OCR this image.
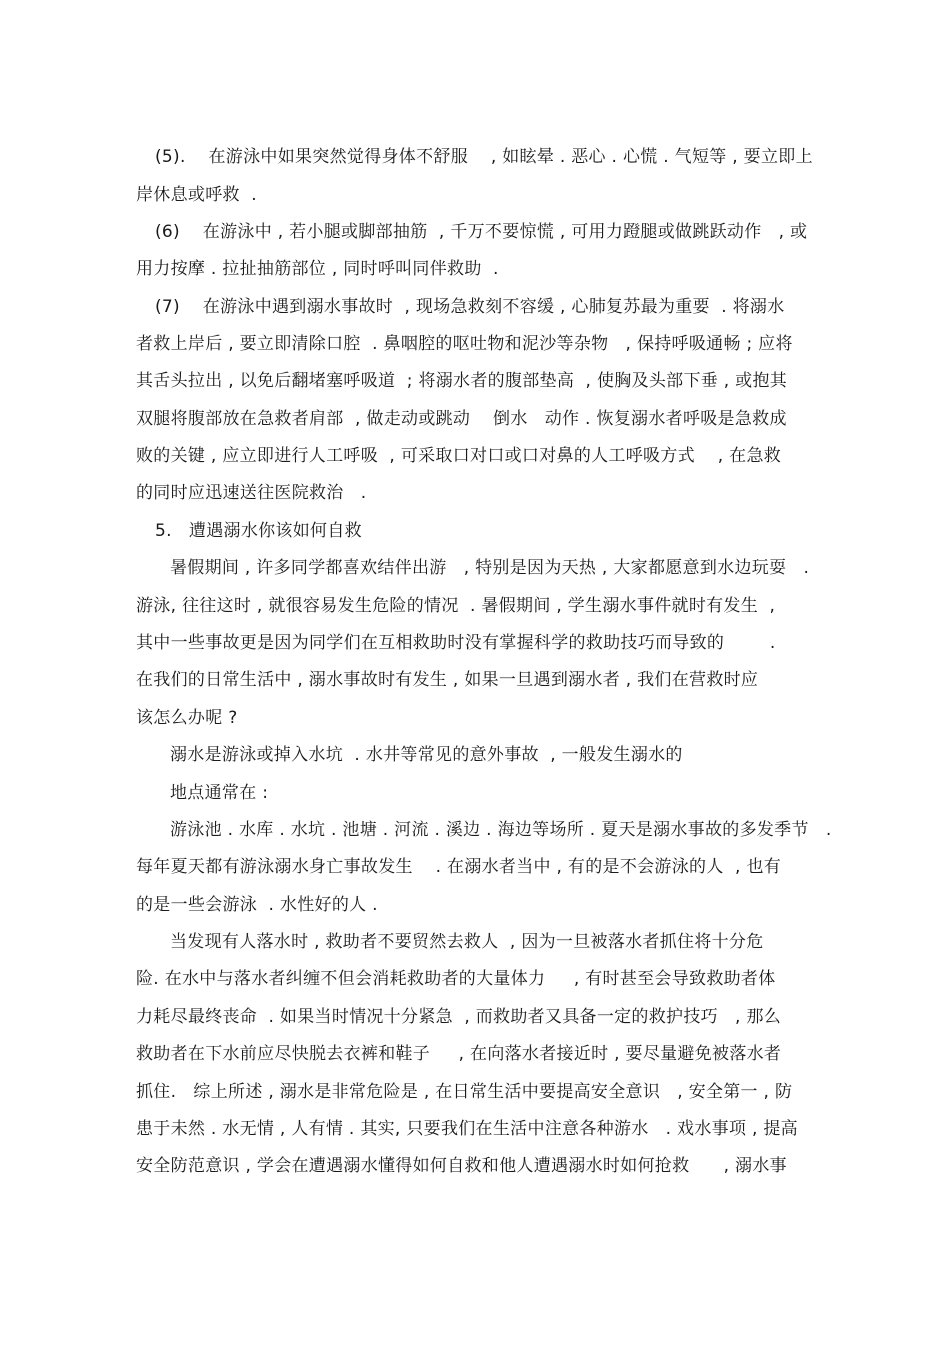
(5).    在游泳中如果突然觉得身体不舒服    , 如眩晕 . 恶心 . 心慌 . 气短等 , 要立即上
岸休息或呼救  .
(6)    在游泳中 , 若小腿或脚部抽筋  , 千万不要惊慌 , 可用力蹬腿或做跳跃动作   , 或
用力按摩 . 拉扯抽筋部位 , 同时呼叫同伴救助  .
(7)    在游泳中遇到溺水事故时  , 现场急救刻不容缓 , 心肺复苏最为重要  . 将溺水
者救上岸后 , 要立即清除口腔  . 鼻咽腔的呕吐物和泥沙等杂物   , 保持呼吸通畅 ; 应将
其舌头拉出 , 以免后翻堵塞呼吸道  ; 将溺水者的腹部垫高  , 使胸及头部下垂 , 或抱其
双腿将腹部放在急救者肩部  , 做走动或跳动    倒水   动作 . 恢复溺水者呼吸是急救成
败的关键 , 应立即进行人工呼吸  , 可采取口对口或口对鼻的人工呼吸方式    , 在急救
的同时应迅速送往医院救治   .
5.   遭遇溺水你该如何自救
暑假期间 , 许多同学都喜欢结伴出游   , 特别是因为天热 , 大家都愿意到水边玩耍   .
游泳, 往往这时 , 就很容易发生危险的情况  . 暑假期间 , 学生溺水事件就时有发生  ,
其中一些事故更是因为同学们在互相救助时没有掌握科学的救助技巧而导致的        .
在我们的日常生活中 , 溺水事故时有发生 , 如果一旦遇到溺水者 , 我们在营救时应
该怎么办呢 ?
溺水是游泳或掉入水坑  . 水井等常见的意外事故  , 一般发生溺水的
地点通常在 :
游泳池 . 水库 . 水坑 . 池塘 . 河流 . 溪边 . 海边等场所 . 夏天是溺水事故的多发季节   .
每年夏天都有游泳溺水身亡事故发生    . 在溺水者当中 , 有的是不会游泳的人  , 也有
的是一些会游泳  . 水性好的人 .
当发现有人落水时 , 救助者不要贸然去救人  , 因为一旦被落水者抓住将十分危
险. 在水中与落水者纠缠不但会消耗救助者的大量体力     , 有时甚至会导致救助者体
力耗尽最终丧命  . 如果当时情况十分紧急  , 而救助者又具备一定的救护技巧   , 那么
救助者在下水前应尽快脱去衣裤和鞋子     , 在向落水者接近时 , 要尽量避免被落水者
抓住.   综上所述 , 溺水是非常危险是 , 在日常生活中要提高安全意识   , 安全第一 , 防
患于未然 . 水无情 , 人有情 . 其实, 只要我们在生活中注意各种游水   . 戏水事项 , 提高
安全防范意识 , 学会在遭遇溺水懂得如何自救和他人遭遇溺水时如何抢救      , 溺水事
